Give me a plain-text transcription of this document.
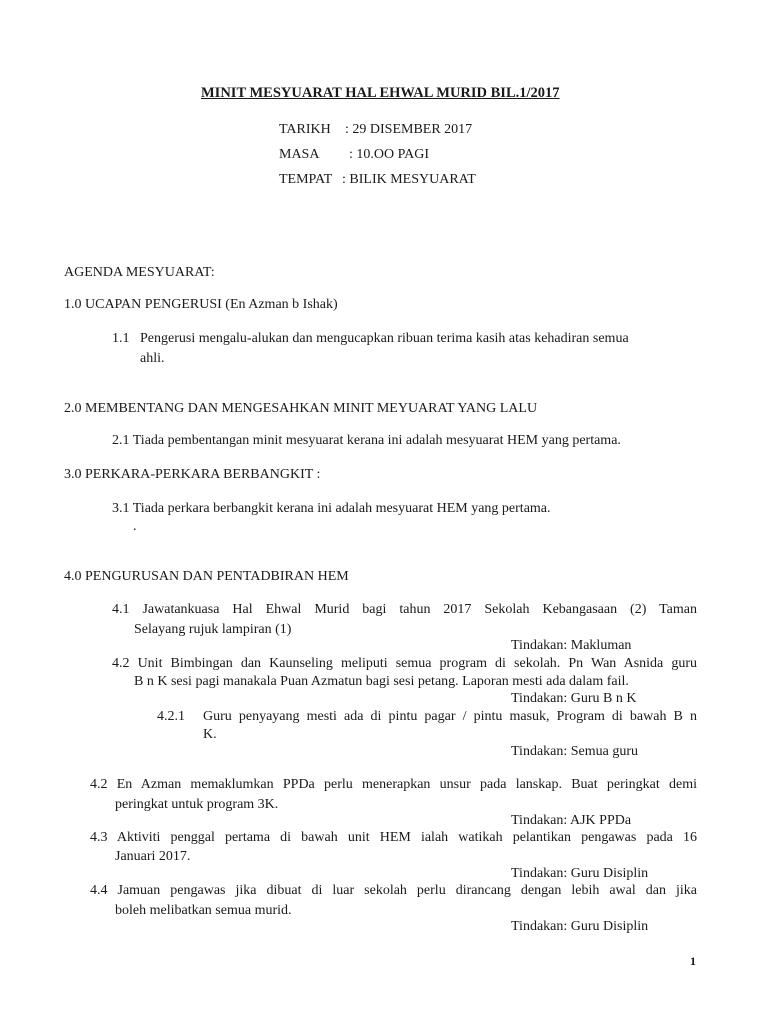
MINIT MESYUARAT HAL EHWAL MURID BIL.1/2017
TARIKH : 29 DISEMBER 2017
MASA : 10.OO PAGI
TEMPAT : BILIK MESYUARAT
AGENDA MESYUARAT:
1.0 UCAPAN PENGERUSI (En Azman b Ishak)
1.1 Pengerusi mengalu-alukan dan mengucapkan ribuan terima kasih atas kehadiran semua
ahli.
2.0 MEMBENTANG DAN MENGESAHKAN MINIT MEYUARAT YANG LALU
2.1 Tiada pembentangan minit mesyuarat kerana ini adalah mesyuarat HEM yang pertama.
3.0 PERKARA-PERKARA BERBANGKIT :
3.1 Tiada perkara berbangkit kerana ini adalah mesyuarat HEM yang pertama.
.
4.0 PENGURUSAN DAN PENTADBIRAN HEM
4.1 Jawatankuasa Hal Ehwal Murid bagi tahun 2017 Sekolah Kebangasaan (2) Taman
Selayang rujuk lampiran (1)
Tindakan: Makluman
4.2 Unit Bimbingan dan Kaunseling meliputi semua program di sekolah. Pn Wan Asnida guru
B n K sesi pagi manakala Puan Azmatun bagi sesi petang. Laporan mesti ada dalam fail.
Tindakan: Guru B n K
4.2.1 Guru penyayang mesti ada di pintu pagar / pintu masuk, Program di bawah B n
K.
Tindakan: Semua guru
4.2 En Azman memaklumkan PPDa perlu menerapkan unsur pada lanskap. Buat peringkat demi
peringkat untuk program 3K.
Tindakan: AJK PPDa
4.3 Aktiviti penggal pertama di bawah unit HEM ialah watikah pelantikan pengawas pada 16
Januari 2017.
Tindakan: Guru Disiplin
4.4 Jamuan pengawas jika dibuat di luar sekolah perlu dirancang dengan lebih awal dan jika
boleh melibatkan semua murid.
Tindakan: Guru Disiplin
1
